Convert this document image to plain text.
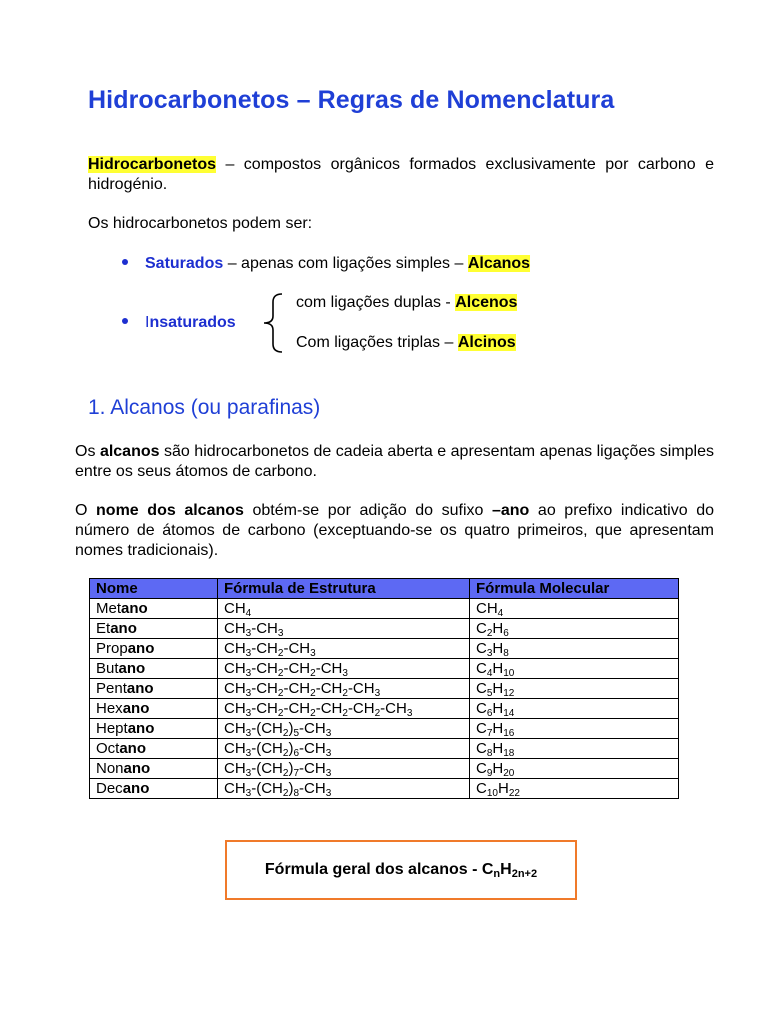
Hidrocarbonetos – Regras de Nomenclatura

Hidrocarbonetos – compostos orgânicos formados exclusivamente por carbono e hidrogénio.

Os hidrocarbonetos podem ser:

Saturados – apenas com ligações simples – Alcanos

Insaturados

com ligações duplas - Alcenos

Com ligações triplas – Alcinos

1. Alcanos (ou parafinas)

Os alcanos são hidrocarbonetos de cadeia aberta e apresentam apenas ligações simples entre os seus átomos de carbono.

O nome dos alcanos obtém-se por adição do sufixo –ano ao prefixo indicativo do número de átomos de carbono (exceptuando-se os quatro primeiros, que apresentam nomes tradicionais).

Nome	Fórmula de Estrutura	Fórmula Molecular
Metano	$CH_4$	$CH_4$
Etano	$CH_3-CH_3$	$C_2H_6$
Propano	$CH_3-CH_2-CH_3$	$C_3H_8$
Butano	$CH_3-CH_2-CH_2-CH_3$	$C_4H_{10}$
Pentano	$CH_3-CH_2-CH_2-CH_2-CH_3$	$C_5H_{12}$
Hexano	$CH_3-CH_2-CH_2-CH_2-CH_2-CH_3$	$C_6H_{14}$
Heptano	$CH_3-(CH_2)_5-CH_3$	$C_7H_{16}$
Octano	$CH_3-(CH_2)_6-CH_3$	$C_8H_{18}$
Nonano	$CH_3-(CH_2)_7-CH_3$	$C_9H_{20}$
Decano	$CH_3-(CH_2)_8-CH_3$	$C_{10}H_{22}$
Fórmula geral dos alcanos - C $_nH_{2n+2}$
